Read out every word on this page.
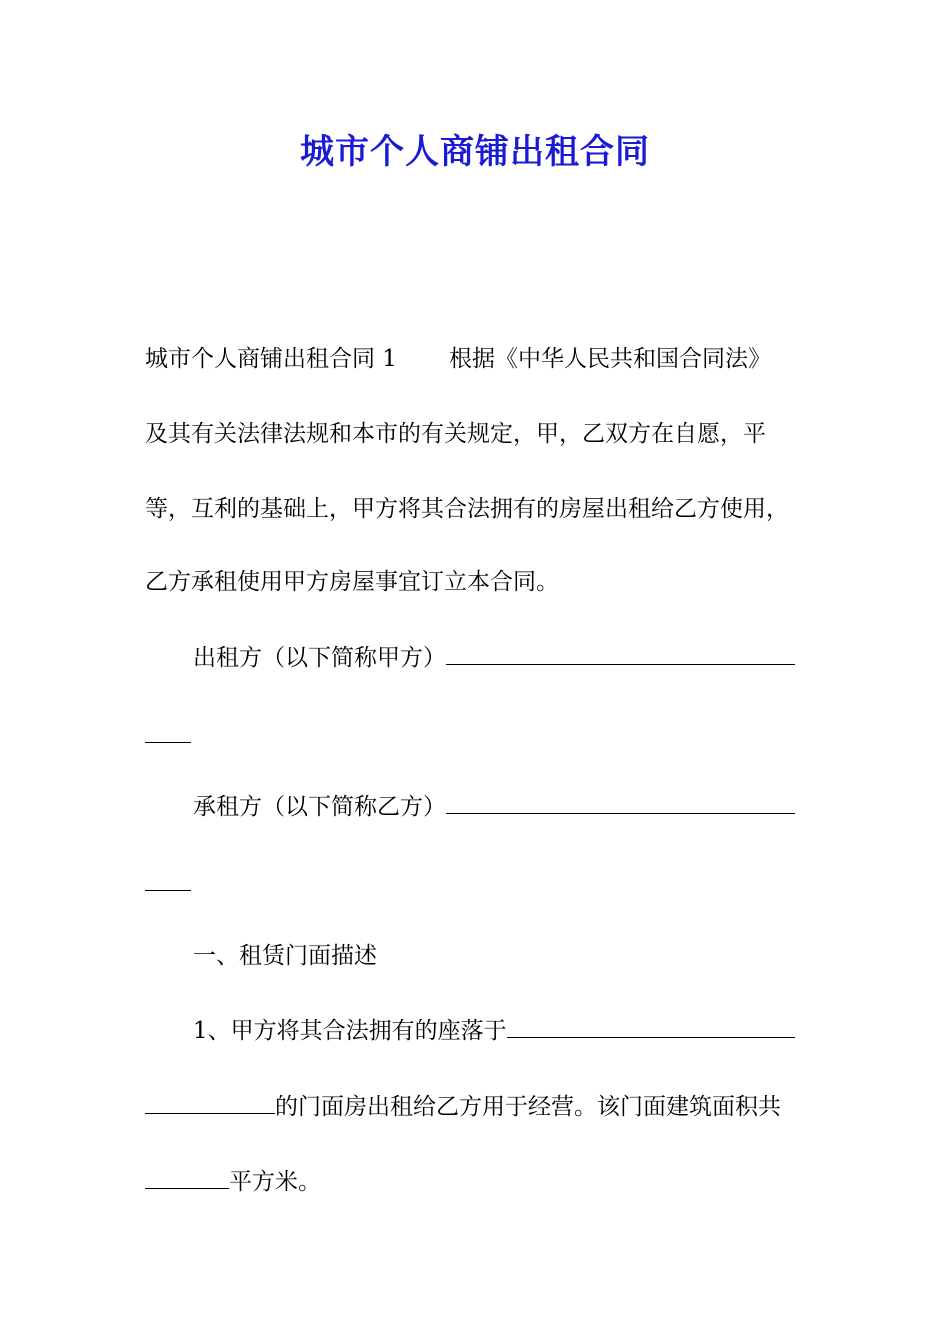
城市个人商铺出租合同
城市个人商铺出租合同 1 根据《中华人民共和国合同法》
及其有关法律法规和本市的有关规定，甲，乙双方在自愿，平
等，互利的基础上，甲方将其合法拥有的房屋出租给乙方使用，
乙方承租使用甲方房屋事宜订立本合同。
出租方（以下简称甲方）
承租方（以下简称乙方）
一、租赁门面描述
1、甲方将其合法拥有的座落于
的门面房出租给乙方用于经营。该门面建筑面积共
平方米。
